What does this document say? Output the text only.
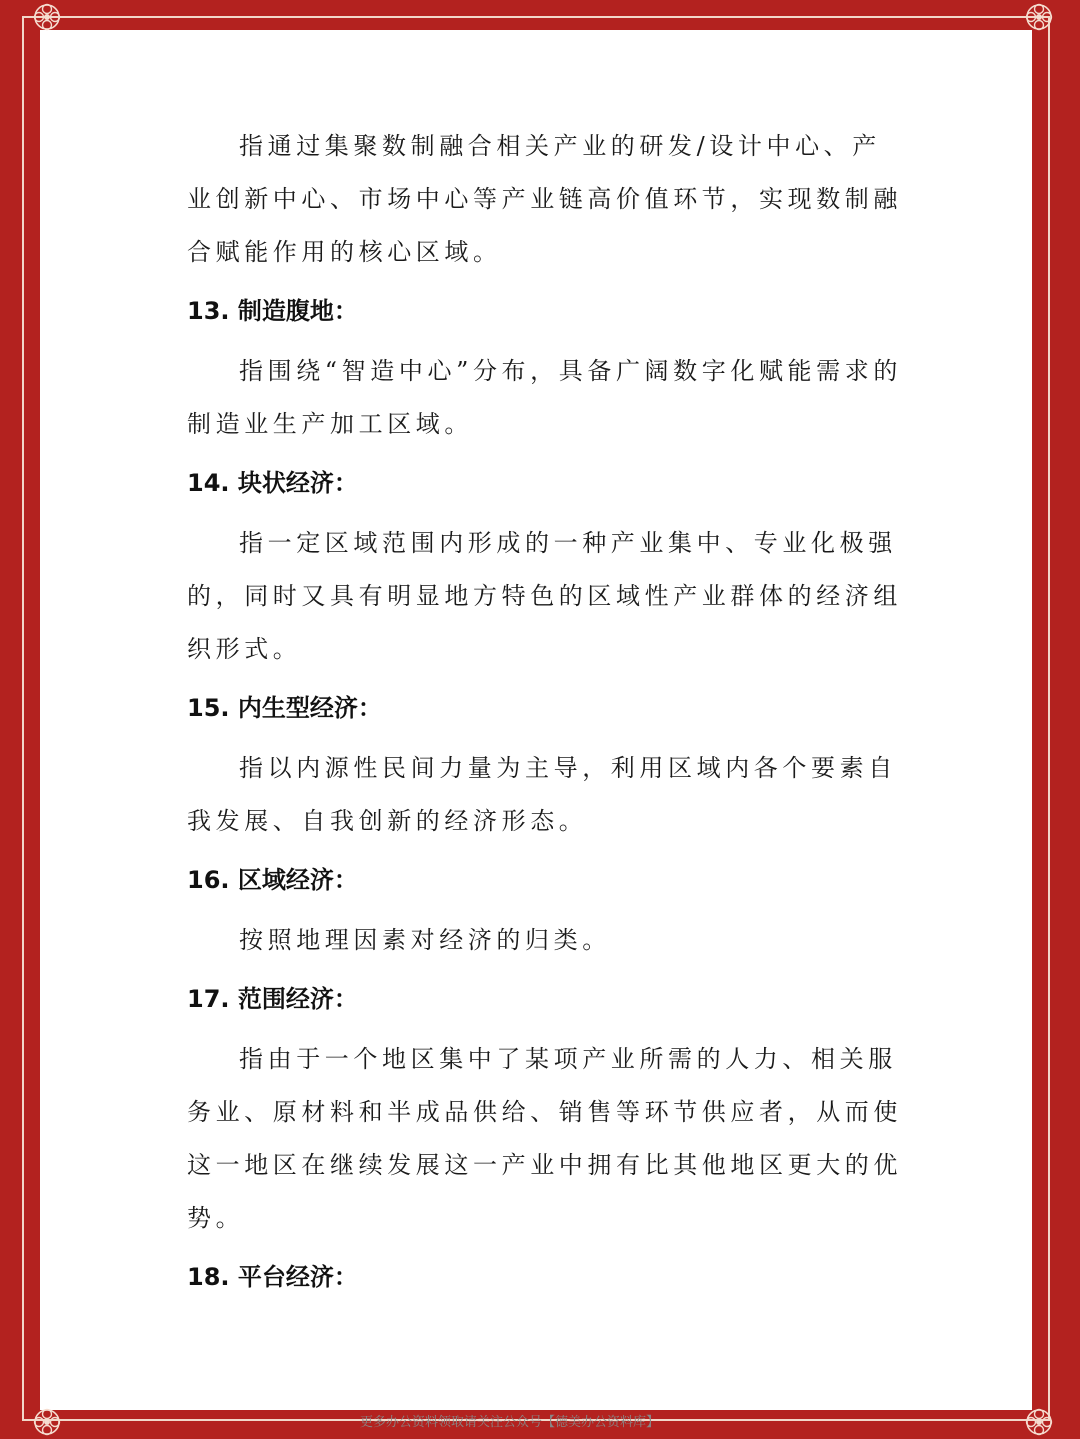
指通过集聚数制融合相关产业的研发/设计中心、产业创新中心、市场中心等产业链高价值环节，实现数制融合赋能作用的核心区域。

13. 制造腹地：

指围绕“智造中心”分布，具备广阔数字化赋能需求的制造业生产加工区域。

14. 块状经济：

指一定区域范围内形成的一种产业集中、专业化极强的，同时又具有明显地方特色的区域性产业群体的经济组织形式。

15. 内生型经济：

指以内源性民间力量为主导，利用区域内各个要素自我发展、自我创新的经济形态。

16. 区域经济：

按照地理因素对经济的归类。

17. 范围经济：

指由于一个地区集中了某项产业所需的人力、相关服务业、原材料和半成品供给、销售等环节供应者，从而使这一地区在继续发展这一产业中拥有比其他地区更大的优势。

18. 平台经济：
